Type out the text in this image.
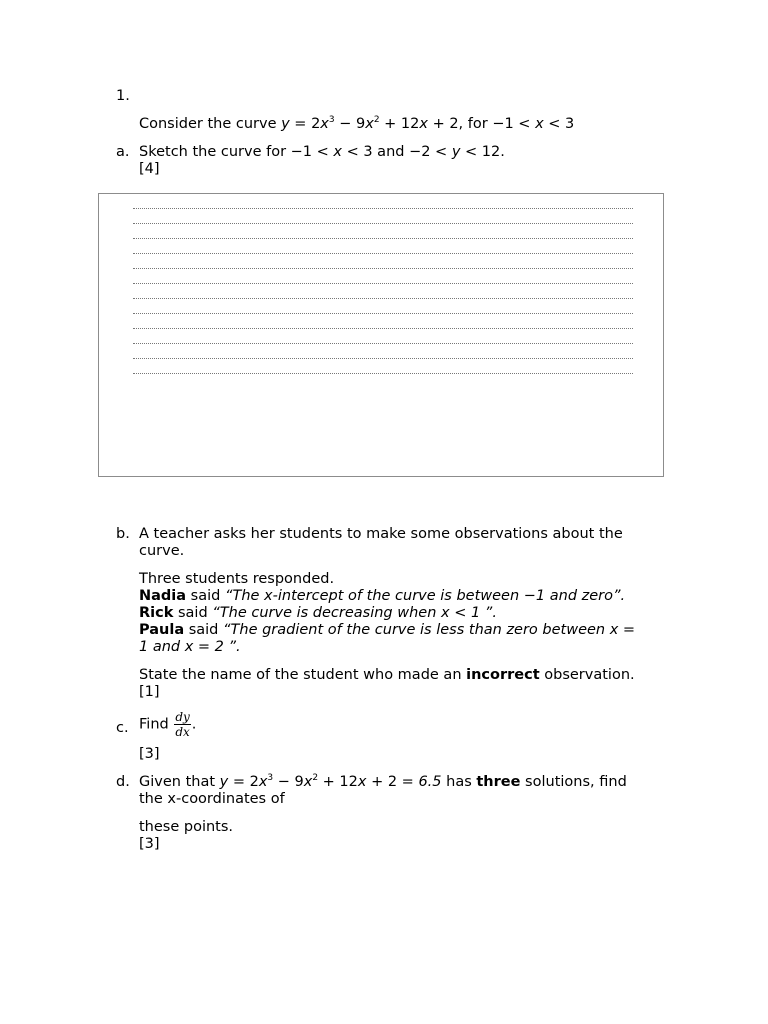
1.
Consider the curve $y = 2x^3 - 9x^2 + 12x + 2$, for −1 < x < 3
a. Sketch the curve for −1 < x < 3 and −2 < y < 12.
[4]
b. A teacher asks her students to make some observations about the
curve.
Three students responded.
Nadia said “The x-intercept of the curve is between −1 and zero”.
Rick said “The curve is decreasing when x < 1 ”.
Paula said “The gradient of the curve is less than zero between x =
1 and x = 2 ”.
State the name of the student who made an incorrect observation.
[1]
c. Find $\frac{dy}{dx}$ .
[3]
d. Given that $y = 2x^3 - 9x^2 + 12x + 2 = 6.5$ has three solutions, find
the x-coordinates of
these points.
[3]
